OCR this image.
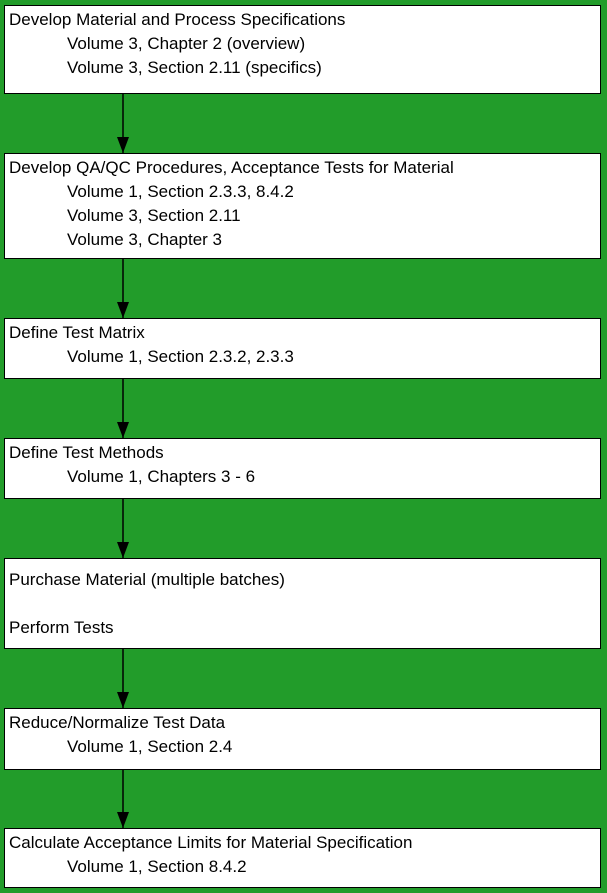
Develop Material and Process Specifications
Volume 3, Chapter 2 (overview)
Volume 3, Section 2.11 (specifics)
Develop QA/QC Procedures, Acceptance Tests for Material
Volume 1, Section 2.3.3, 8.4.2
Volume 3, Section 2.11
Volume 3, Chapter 3
Define Test Matrix
Volume 1, Section 2.3.2, 2.3.3
Define Test Methods
Volume 1, Chapters 3 - 6
Purchase Material (multiple batches)
Perform Tests
Reduce/Normalize Test Data
Volume 1, Section 2.4
Calculate Acceptance Limits for Material Specification
Volume 1, Section 8.4.2
